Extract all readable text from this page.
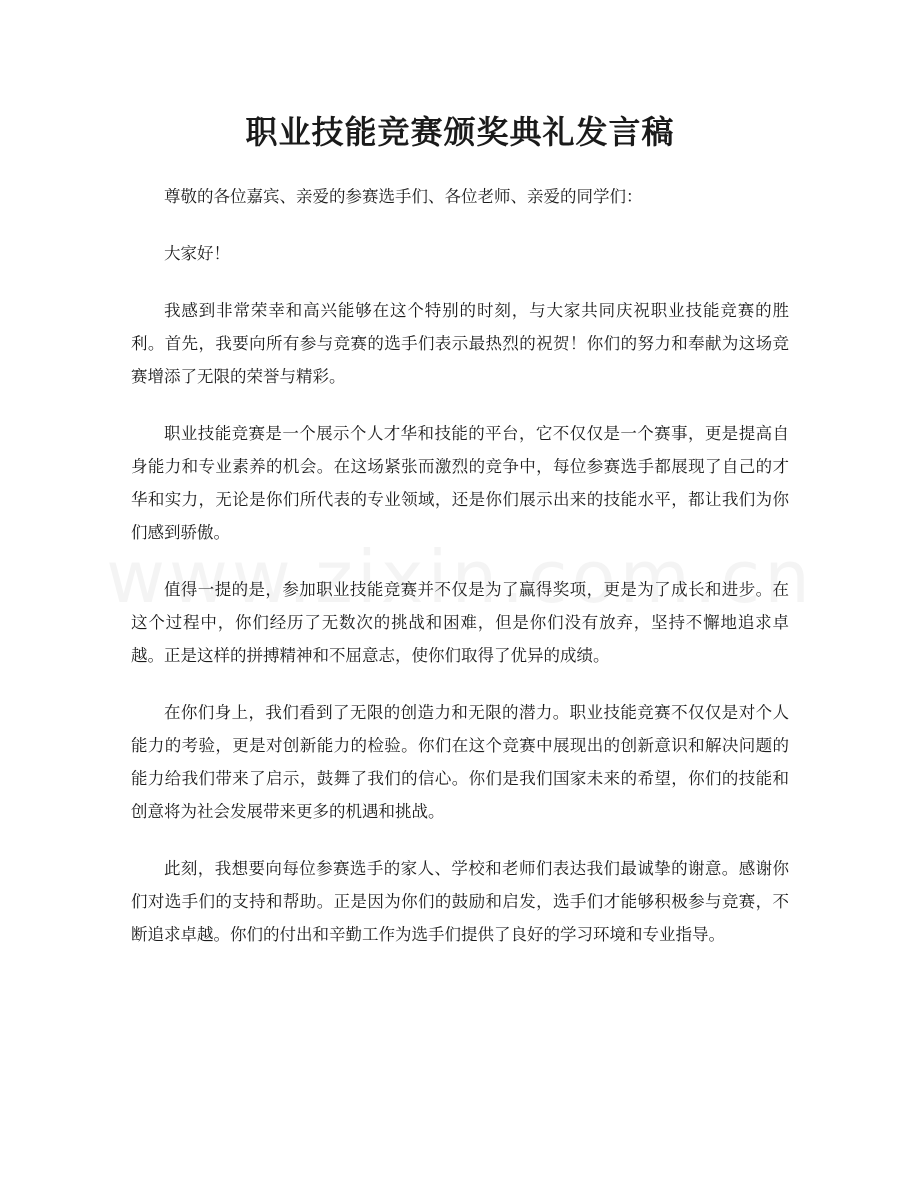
职业技能竞赛颁奖典礼发言稿

尊敬的各位嘉宾、亲爱的参赛选手们、各位老师、亲爱的同学们：

大家好！

我感到非常荣幸和高兴能够在这个特别的时刻，与大家共同庆祝职业技能竞赛的胜利。首先，我要向所有参与竞赛的选手们表示最热烈的祝贺！你们的努力和奉献为这场竞赛增添了无限的荣誉与精彩。

职业技能竞赛是一个展示个人才华和技能的平台，它不仅仅是一个赛事，更是提高自身能力和专业素养的机会。在这场紧张而激烈的竞争中，每位参赛选手都展现了自己的才华和实力，无论是你们所代表的专业领域，还是你们展示出来的技能水平，都让我们为你们感到骄傲。

值得一提的是，参加职业技能竞赛并不仅是为了赢得奖项，更是为了成长和进步。在这个过程中，你们经历了无数次的挑战和困难，但是你们没有放弃，坚持不懈地追求卓越。正是这样的拼搏精神和不屈意志，使你们取得了优异的成绩。

在你们身上，我们看到了无限的创造力和无限的潜力。职业技能竞赛不仅仅是对个人能力的考验，更是对创新能力的检验。你们在这个竞赛中展现出的创新意识和解决问题的能力给我们带来了启示，鼓舞了我们的信心。你们是我们国家未来的希望，你们的技能和创意将为社会发展带来更多的机遇和挑战。

此刻，我想要向每位参赛选手的家人、学校和老师们表达我们最诚挚的谢意。感谢你们对选手们的支持和帮助。正是因为你们的鼓励和启发，选手们才能够积极参与竞赛，不断追求卓越。你们的付出和辛勤工作为选手们提供了良好的学习环境和专业指导。
